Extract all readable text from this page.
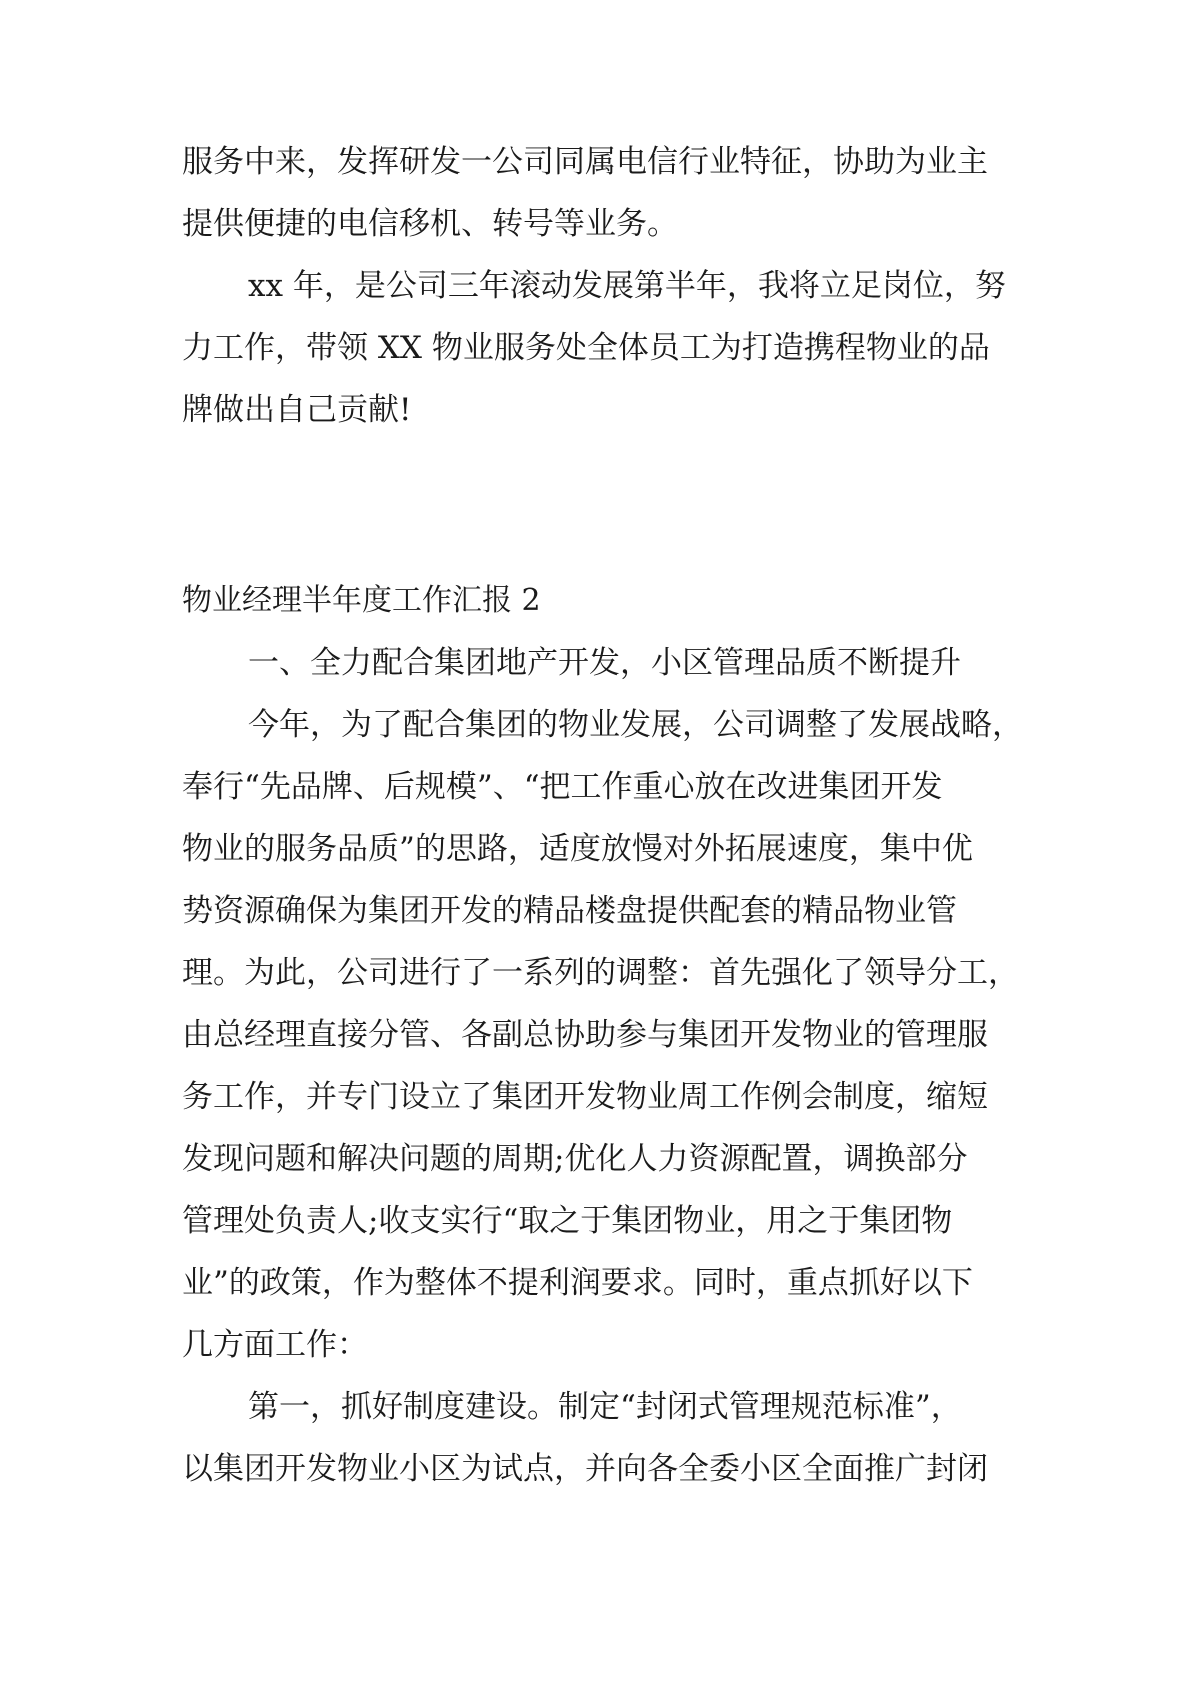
服务中来，发挥研发一公司同属电信行业特征，协助为业主
提供便捷的电信移机、转号等业务。
xx 年，是公司三年滚动发展第半年，我将立足岗位，努
力工作，带领 XX 物业服务处全体员工为打造携程物业的品
牌做出自己贡献!
物业经理半年度工作汇报 2
一、全力配合集团地产开发，小区管理品质不断提升
今年，为了配合集团的物业发展，公司调整了发展战略，
奉行“先品牌、后规模”、“把工作重心放在改进集团开发
物业的服务品质”的思路，适度放慢对外拓展速度，集中优
势资源确保为集团开发的精品楼盘提供配套的精品物业管
理。为此，公司进行了一系列的调整：首先强化了领导分工，
由总经理直接分管、各副总协助参与集团开发物业的管理服
务工作，并专门设立了集团开发物业周工作例会制度，缩短
发现问题和解决问题的周期;优化人力资源配置，调换部分
管理处负责人;收支实行“取之于集团物业，用之于集团物
业”的政策，作为整体不提利润要求。同时，重点抓好以下
几方面工作：
第一，抓好制度建设。制定“封闭式管理规范标准”，
以集团开发物业小区为试点，并向各全委小区全面推广封闭
